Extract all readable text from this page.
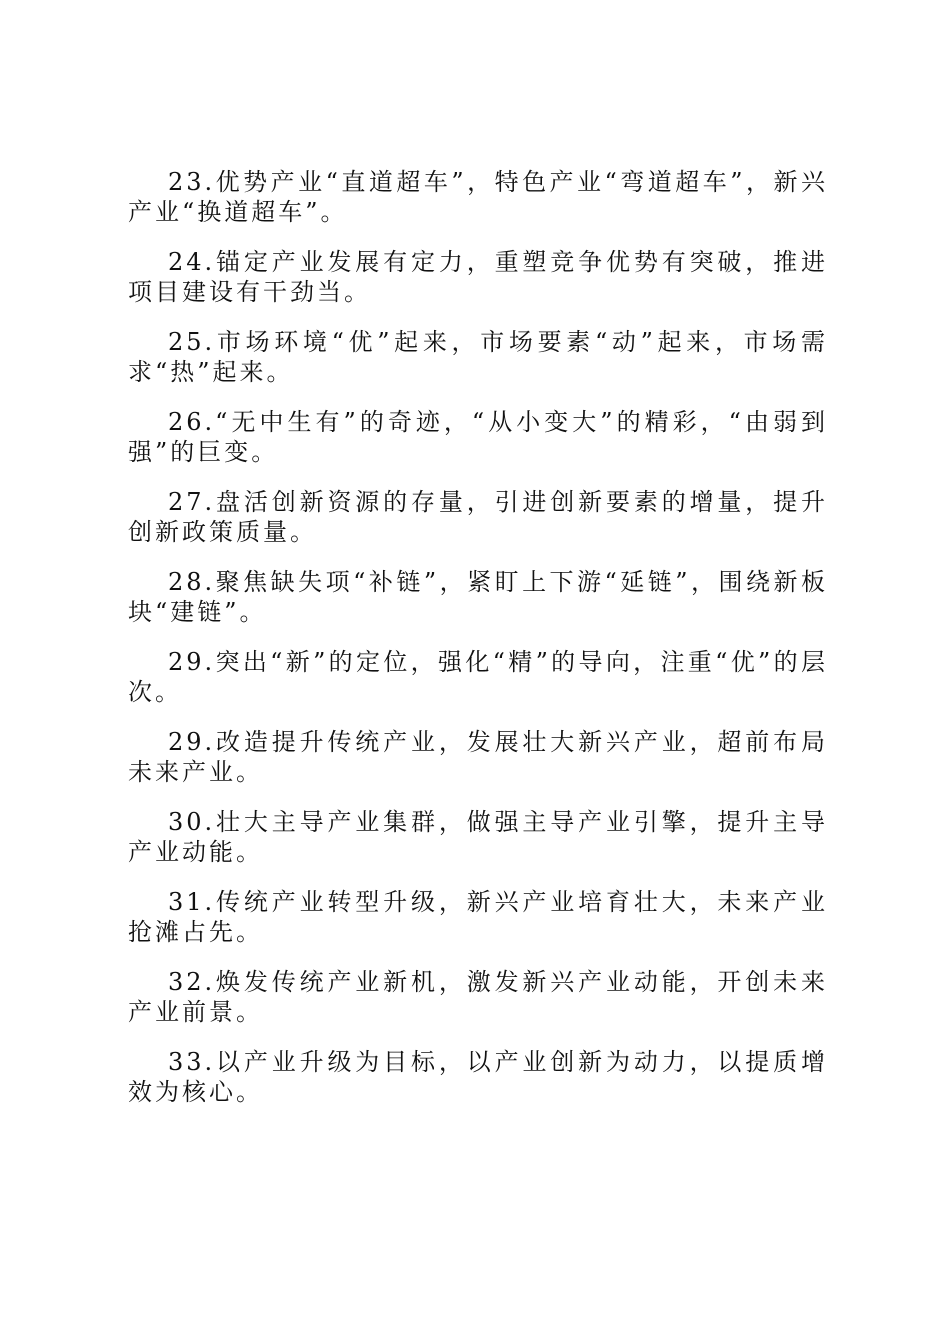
23.优势产业“直道超车”，特色产业“弯道超车”，新兴产业“换道超车”。

24.锚定产业发展有定力，重塑竞争优势有突破，推进项目建设有干劲当。

25.市场环境“优”起来，市场要素“动”起来，市场需求“热”起来。

26.“无中生有”的奇迹，“从小变大”的精彩，“由弱到强”的巨变。

27.盘活创新资源的存量，引进创新要素的增量，提升创新政策质量。

28.聚焦缺失项“补链”，紧盯上下游“延链”，围绕新板块“建链”。

29.突出“新”的定位，强化“精”的导向，注重“优”的层次。

29.改造提升传统产业，发展壮大新兴产业，超前布局未来产业。

30.壮大主导产业集群，做强主导产业引擎，提升主导产业动能。

31.传统产业转型升级，新兴产业培育壮大，未来产业抢滩占先。

32.焕发传统产业新机，激发新兴产业动能，开创未来产业前景。

33.以产业升级为目标，以产业创新为动力，以提质增效为核心。
